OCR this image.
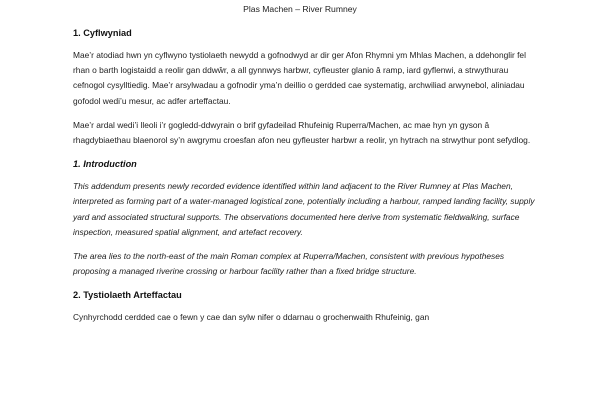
Plas Machen – River Rumney
1. Cyflwyniad

Mae’r atodiad hwn yn cyflwyno tystiolaeth newydd a gofnodwyd ar dir ger Afon Rhymni ym Mhlas Machen, a ddehonglir fel rhan o barth logistaidd a reolir gan ddwŵr, a all gynnwys harbwr, cyfleuster glanio â ramp, iard gyflenwi, a strwythurau cefnogol cysylltiedig. Mae’r arsylwadau a gofnodir yma’n deillio o gerdded cae systematig, archwiliad arwynebol, aliniadau gofodol wedi’u mesur, ac adfer arteffactau.

Mae’r ardal wedi’i lleoli i’r gogledd-ddwyrain o brif gyfadeilad Rhufeinig Ruperra/Machen, ac mae hyn yn gyson â rhagdybiaethau blaenorol sy’n awgrymu croesfan afon neu gyfleuster harbwr a reolir, yn hytrach na strwythur pont sefydlog.

1. Introduction

This addendum presents newly recorded evidence identified within land adjacent to the River Rumney at Plas Machen, interpreted as forming part of a water-managed logistical zone, potentially including a harbour, ramped landing facility, supply yard and associated structural supports. The observations documented here derive from systematic fieldwalking, surface inspection, measured spatial alignment, and artefact recovery.

The area lies to the north-east of the main Roman complex at Ruperra/Machen, consistent with previous hypotheses proposing a managed riverine crossing or harbour facility rather than a fixed bridge structure.

2. Tystiolaeth Arteffactau

Cynhyrchodd cerdded cae o fewn y cae dan sylw nifer o ddarnau o grochenwaith Rhufeinig, gan
